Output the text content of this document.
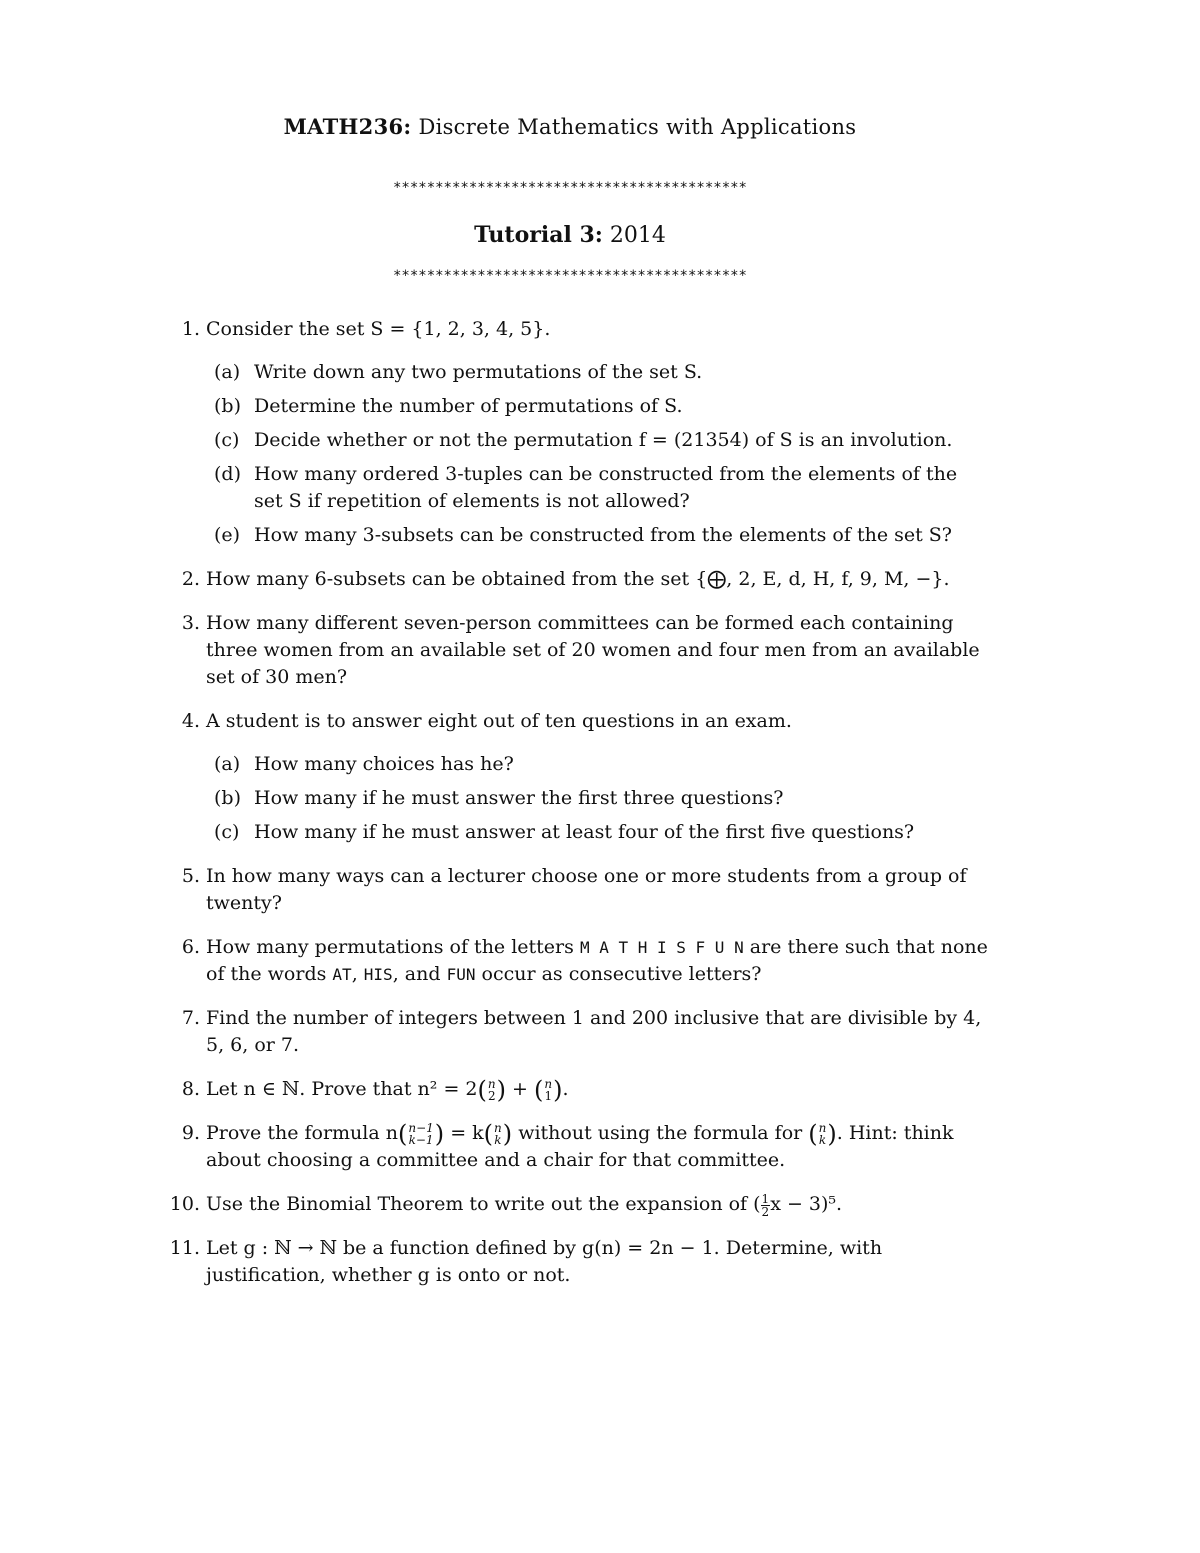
MATH236: Discrete Mathematics with Applications
******************************************
Tutorial 3: 2014
******************************************
1. Consider the set S = {1, 2, 3, 4, 5}.
(a) Write down any two permutations of the set S.
(b) Determine the number of permutations of S.
(c) Decide whether or not the permutation f = (21354) of S is an involution.
(d) How many ordered 3-tuples can be constructed from the elements of the set S if repetition of elements is not allowed?
(e) How many 3-subsets can be constructed from the elements of the set S?
2. How many 6-subsets can be obtained from the set {⨁, 2, E, d, H, f, 9, M, −}.
3. How many different seven-person committees can be formed each containing three women from an available set of 20 women and four men from an available set of 30 men?
4. A student is to answer eight out of ten questions in an exam.
(a) How many choices has he?
(b) How many if he must answer the first three questions?
(c) How many if he must answer at least four of the first five questions?
5. In how many ways can a lecturer choose one or more students from a group of twenty?
6. How many permutations of the letters M A T H I S F U N are there such that none of the words AT, HIS, and FUN occur as consecutive letters?
7. Find the number of integers between 1 and 200 inclusive that are divisible by 4, 5, 6, or 7.
8. Let n ∈ ℕ. Prove that n² = 2 ( n
2 ) + ( n
1 ) .
9. Prove the formula n ( n−1
k−1 ) = k ( n
k ) without using the formula for ( n
k ) . Hint: think about choosing a committee and a chair for that committee.
10. Use the Binomial Theorem to write out the expansion of ( $\frac{1}{2}$ x − 3)⁵.
11. Let g : ℕ → ℕ be a function defined by g(n) = 2n − 1. Determine, with justification, whether g is onto or not.
